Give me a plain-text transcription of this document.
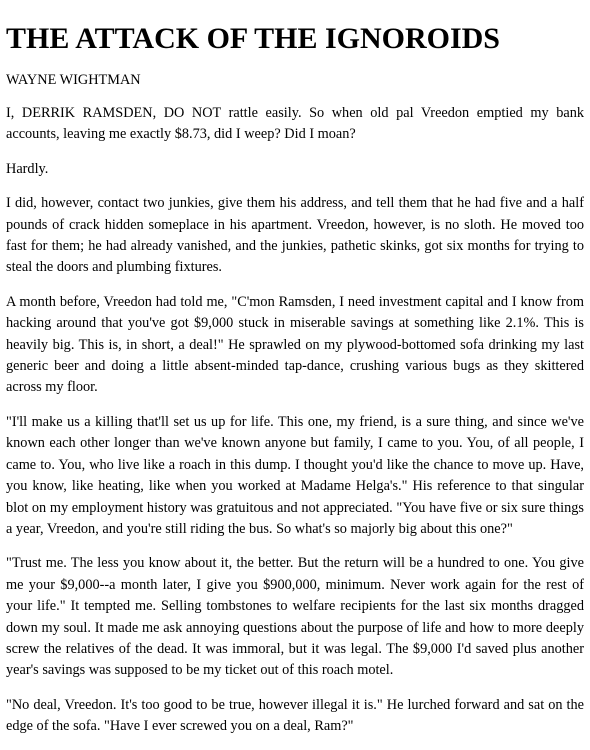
THE ATTACK OF THE IGNOROIDS
WAYNE WIGHTMAN

I, DERRIK RAMSDEN, DO NOT rattle easily. So when old pal Vreedon emptied my bank accounts, leaving me exactly $8.73, did I weep? Did I moan?

Hardly.

I did, however, contact two junkies, give them his address, and tell them that he had five and a half pounds of crack hidden someplace in his apartment. Vreedon, however, is no sloth. He moved too fast for them; he had already vanished, and the junkies, pathetic skinks, got six months for trying to steal the doors and plumbing fixtures.

A month before, Vreedon had told me, "C'mon Ramsden, I need investment capital and I know from hacking around that you've got $9,000 stuck in miserable savings at something like 2.1%. This is heavily big. This is, in short, a deal!" He sprawled on my plywood-bottomed sofa drinking my last generic beer and doing a little absent-minded tap-dance, crushing various bugs as they skittered across my floor.

"I'll make us a killing that'll set us up for life. This one, my friend, is a sure thing, and since we've known each other longer than we've known anyone but family, I came to you. You, of all people, I came to. You, who live like a roach in this dump. I thought you'd like the chance to move up. Have, you know, like heating, like when you worked at Madame Helga's." His reference to that singular blot on my employment history was gratuitous and not appreciated. "You have five or six sure things a year, Vreedon, and you're still riding the bus. So what's so majorly big about this one?"

"Trust me. The less you know about it, the better. But the return will be a hundred to one. You give me your $9,000--a month later, I give you $900,000, minimum. Never work again for the rest of your life." It tempted me. Selling tombstones to welfare recipients for the last six months dragged down my soul. It made me ask annoying questions about the purpose of life and how to more deeply screw the relatives of the dead. It was immoral, but it was legal. The $9,000 I'd saved plus another year's savings was supposed to be my ticket out of this roach motel.

"No deal, Vreedon. It's too good to be true, however illegal it is." He lurched forward and sat on the edge of the sofa. "Have I ever screwed you on a deal, Ram?"
